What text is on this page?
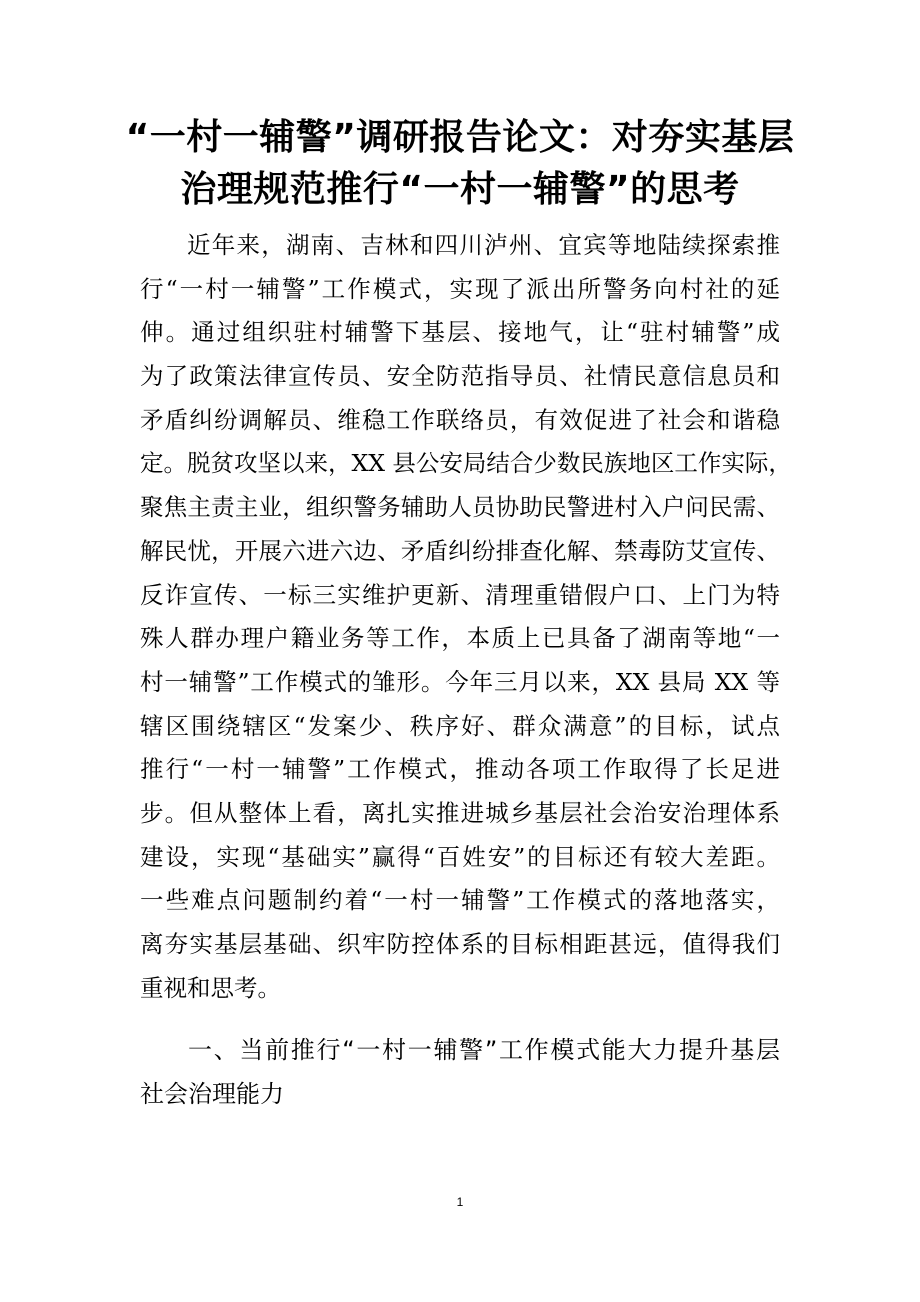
“一村一辅警”调研报告论文：对夯实基层
治理规范推行“一村一辅警”的思考
近年来，湖南、吉林和四川泸州、宜宾等地陆续探索推
行“一村一辅警”工作模式，实现了派出所警务向村社的延
伸。通过组织驻村辅警下基层、接地气，让“驻村辅警”成
为了政策法律宣传员、安全防范指导员、社情民意信息员和
矛盾纠纷调解员、维稳工作联络员，有效促进了社会和谐稳
定。脱贫攻坚以来，XX 县公安局结合少数民族地区工作实际，
聚焦主责主业，组织警务辅助人员协助民警进村入户问民需、
解民忧，开展六进六边、矛盾纠纷排查化解、禁毒防艾宣传、
反诈宣传、一标三实维护更新、清理重错假户口、上门为特
殊人群办理户籍业务等工作，本质上已具备了湖南等地“一
村一辅警”工作模式的雏形。今年三月以来，XX 县局 XX 等
辖区围绕辖区“发案少、秩序好、群众满意”的目标，试点
推行“一村一辅警”工作模式，推动各项工作取得了长足进
步。但从整体上看，离扎实推进城乡基层社会治安治理体系
建设，实现“基础实”赢得“百姓安”的目标还有较大差距。
一些难点问题制约着“一村一辅警”工作模式的落地落实，
离夯实基层基础、织牢防控体系的目标相距甚远，值得我们
重视和思考。
一、当前推行“一村一辅警”工作模式能大力提升基层
社会治理能力
1
